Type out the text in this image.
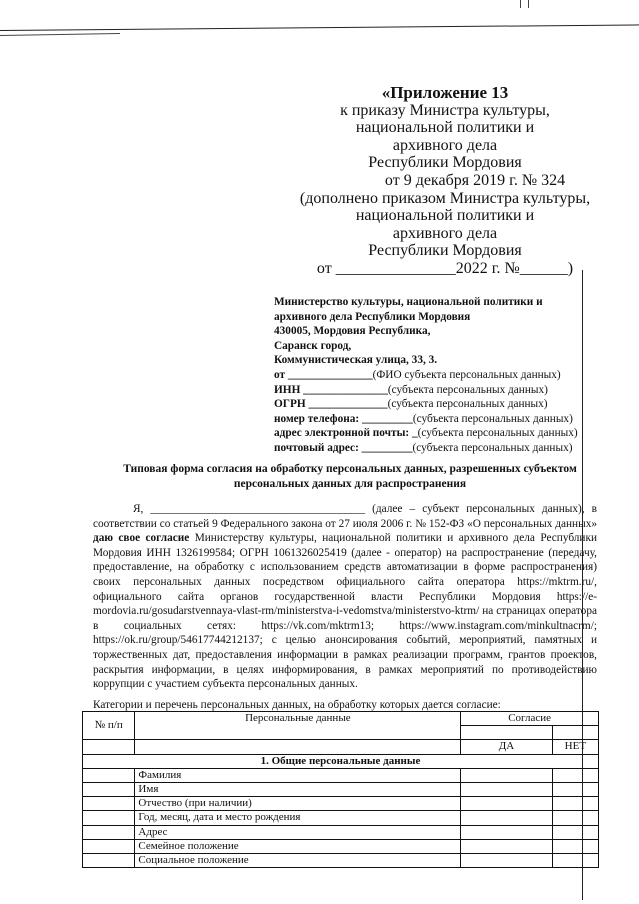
«Приложение 13
к приказу Министра культуры,
национальной политики и
архивного дела
Республики Мордовия
от 9 декабря 2019 г. № 324
(дополнено приказом Министра культуры,
национальной политики и
архивного дела
Республики Мордовия
от _______________2022 г. №______)
Министерство культуры, национальной политики и
архивного дела Республики Мордовия
430005, Мордовия Республика,
Саранск город,
Коммунистическая улица, 33, 3.
от _______________(ФИО субъекта персональных данных)
ИНН _______________(субъекта персональных данных)
ОГРН ______________(субъекта персональных данных)
номер телефона: _________(субъекта персональных данных)
адрес электронной почты: _(субъекта персональных данных)
почтовый адрес: _________(субъекта персональных данных)
Типовая форма согласия на обработку персональных данных, разрешенных субъектом персональных данных для распространения

Я, ______________________________________ (далее – субъект персональных данных), в соответствии со статьей 9 Федерального закона от 27 июля 2006 г. № 152-ФЗ «О персональных данных» даю свое согласие Министерству культуры, национальной политики и архивного дела Республики Мордовия ИНН 1326199584; ОГРН 1061326025419 (далее - оператор) на распространение (передачу, предоставление, на обработку с использованием средств автоматизации в форме распространения) своих персональных данных посредством официального сайта оператора https://mktrm.ru/, официального сайта органов государственной власти Республики Мордовия https://e-mordovia.ru/gosudarstvennaya-vlast-rm/ministerstva-i-vedomstva/ministerstvo-ktrm/ на страницах оператора в социальных сетях: https://vk.com/mktrm13; https://www.instagram.com/minkultnacrm/; https://ok.ru/group/54617744212137; с целью анонсирования событий, мероприятий, памятных и торжественных дат, предоставления информации в рамках реализации программ, грантов проектов, раскрытия информации, в целях информирования, в рамках мероприятий по противодействию коррупции с участием субъекта персональных данных.

Категории и перечень персональных данных, на обработку которых дается согласие:
№ п/п	Персональные данные	Согласие	

		ДА	НЕТ
1. Общие персональные данные			
	Фамилия		
	Имя		
	Отчество (при наличии)		
	Год, месяц, дата и место рождения		
	Адрес		
	Семейное положение		
	Социальное положение		
